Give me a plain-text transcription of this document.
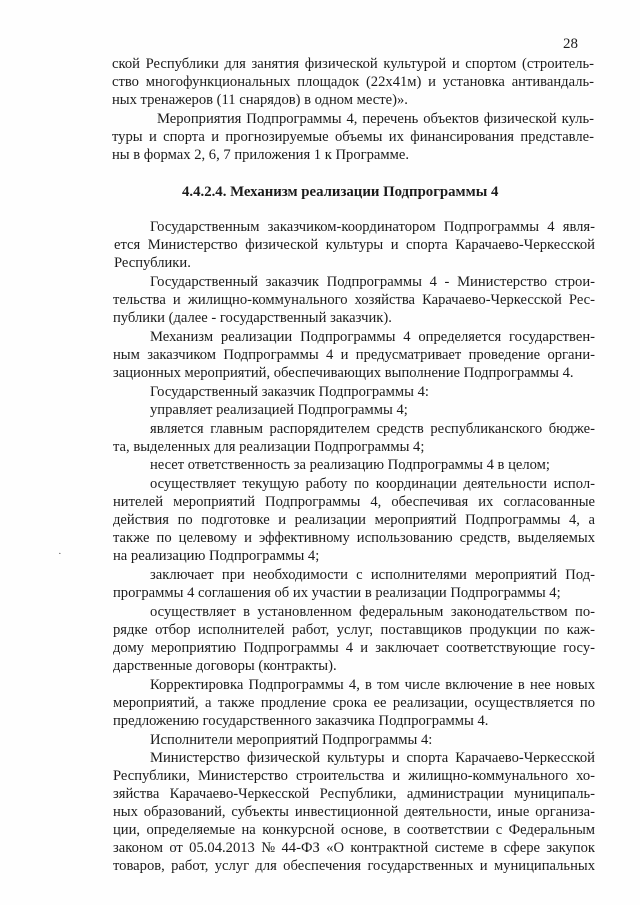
28
·
ской Республики для занятия физической культурой и спортом (строитель-
ство многофункциональных площадок (22х41м) и установка антивандаль-
ных тренажеров (11 снарядов) в одном месте)».
Мероприятия Подпрограммы 4, перечень объектов физической куль-
туры и спорта и прогнозируемые объемы их финансирования представле-
ны в формах 2, 6, 7 приложения 1 к Программе.
4.4.2.4. Механизм реализации Подпрограммы 4
Государственным заказчиком-координатором Подпрограммы 4 явля-
ется Министерство физической культуры и спорта Карачаево-Черкесской
Республики.
Государственный заказчик Подпрограммы 4 - Министерство строи-
тельства и жилищно-коммунального хозяйства Карачаево-Черкесской Рес-
публики (далее - государственный заказчик).
Механизм реализации Подпрограммы 4 определяется государствен-
ным заказчиком Подпрограммы 4 и предусматривает проведение органи-
зационных мероприятий, обеспечивающих выполнение Подпрограммы 4.
Государственный заказчик Подпрограммы 4:
управляет реализацией Подпрограммы 4;
является главным распорядителем средств республиканского бюдже-
та, выделенных для реализации Подпрограммы 4;
несет ответственность за реализацию Подпрограммы 4 в целом;
осуществляет текущую работу по координации деятельности испол-
нителей мероприятий Подпрограммы 4, обеспечивая их согласованные
действия по подготовке и реализации мероприятий Подпрограммы 4, а
также по целевому и эффективному использованию средств, выделяемых
на реализацию Подпрограммы 4;
заключает при необходимости с исполнителями мероприятий Под-
программы 4 соглашения об их участии в реализации Подпрограммы 4;
осуществляет в установленном федеральным законодательством по-
рядке отбор исполнителей работ, услуг, поставщиков продукции по каж-
дому мероприятию Подпрограммы 4 и заключает соответствующие госу-
дарственные договоры (контракты).
Корректировка Подпрограммы 4, в том числе включение в нее новых
мероприятий, а также продление срока ее реализации, осуществляется по
предложению государственного заказчика Подпрограммы 4.
Исполнители мероприятий Подпрограммы 4:
Министерство физической культуры и спорта Карачаево-Черкесской
Республики, Министерство строительства и жилищно-коммунального хо-
зяйства Карачаево-Черкесской Республики, администрации муниципаль-
ных образований, субъекты инвестиционной деятельности, иные организа-
ции, определяемые на конкурсной основе, в соответствии с Федеральным
законом от 05.04.2013 № 44-ФЗ «О контрактной системе в сфере закупок
товаров, работ, услуг для обеспечения государственных и муниципальных
